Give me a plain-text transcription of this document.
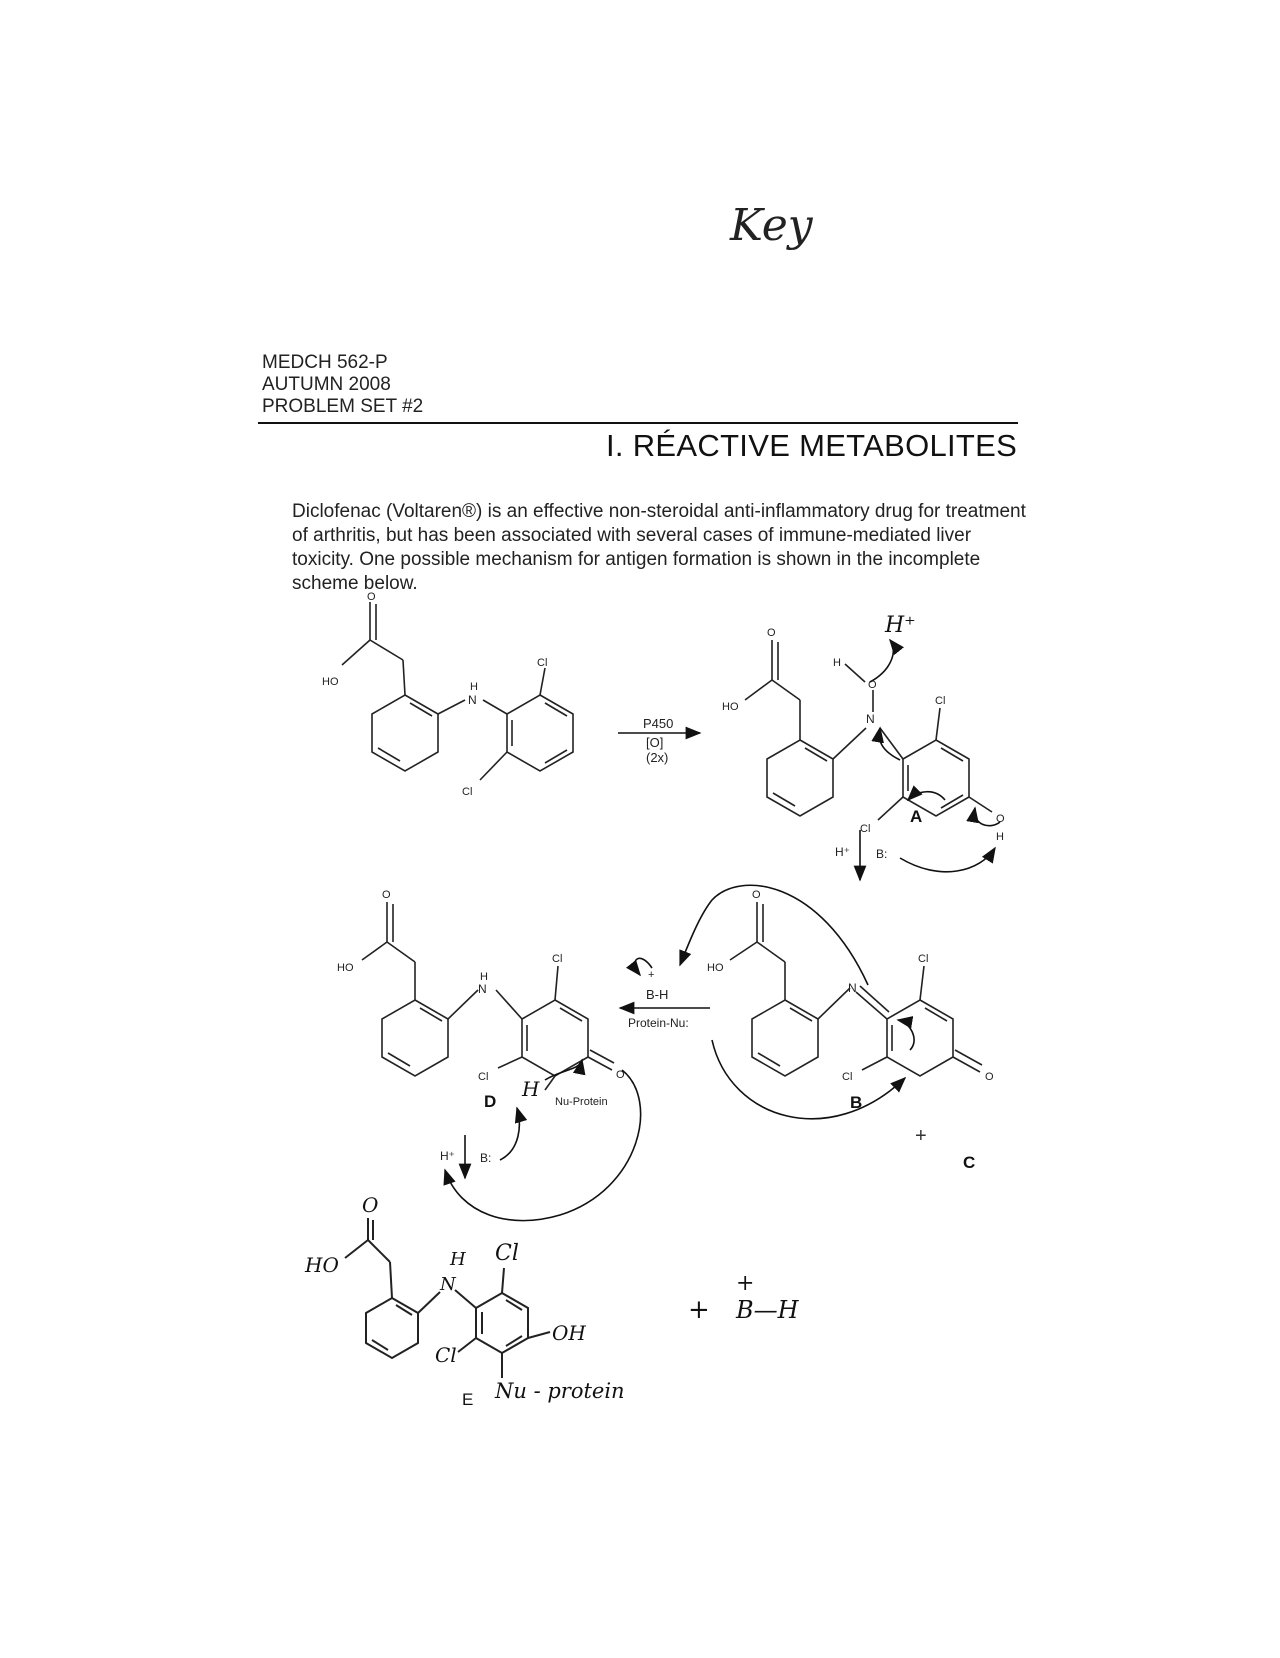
Key
MEDCH 562-P
AUTUMN 2008
PROBLEM SET #2
I. RÉACTIVE METABOLITES
Diclofenac (Voltaren®) is an effective non-steroidal anti-inflammatory drug for treatment of arthritis, but has been associated with several cases of immune-mediated liver toxicity. One possible mechanism for antigen formation is shown in the incomplete scheme below.
O
HO	H
N
Cl
Cl
P450
[O]
(2x)
O
HO
H
O
N
Cl
Cl
O
H
A
H⁺
H⁺ B:
O
HO
N
Cl
Cl	O
B
+
C
+
B-H
Protein-Nu:
O
HO
H
N
Cl
Cl	O
H
Nu-Protein
D
H⁺ B:
O
HO	H
N
Cl
Cl
OH
Nu - protein
E
+
+
B—H
